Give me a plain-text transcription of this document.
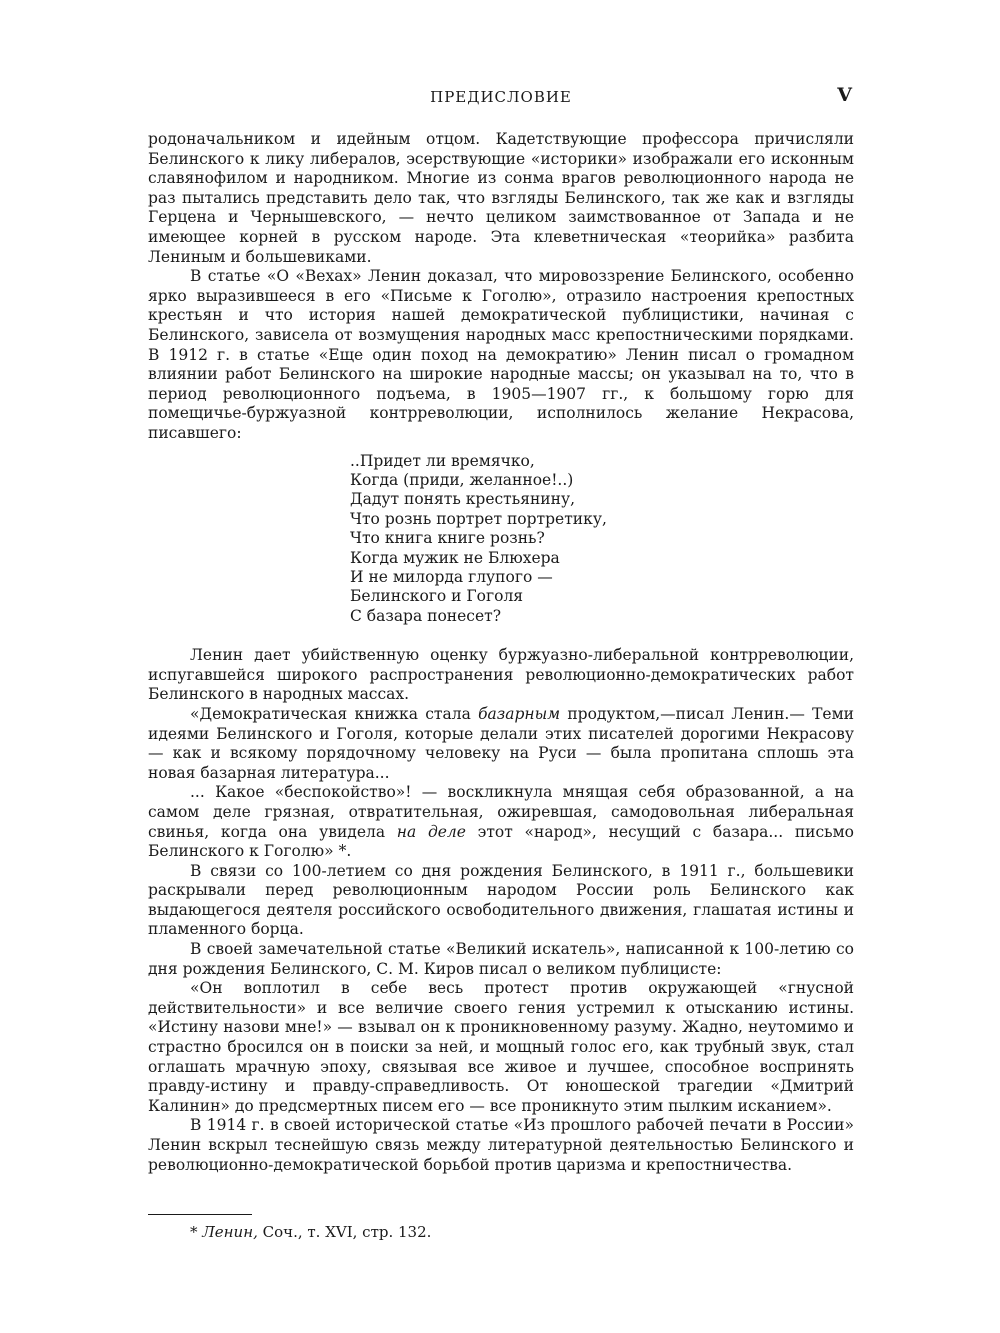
ПРЕДИСЛОВИЕ	V

родоначальником и идейным отцом. Кадетствующие профессора причисляли Белинского к лику либералов, эсерствующие «историки» изображали его исконным славянофилом и народником. Многие из сонма врагов революционного народа не раз пытались представить дело так, что взгляды Белинского, так же как и взгляды Герцена и Чернышевского, — нечто целиком заимствованное от Запада и не имеющее корней в русском народе. Эта клеветническая «теорийка» разбита Лениным и большевиками.

В статье «О «Вехах» Ленин доказал, что мировоззрение Белинского, особенно ярко выразившееся в его «Письме к Гоголю», отразило настроения крепостных крестьян и что история нашей демократической публицистики, начиная с Белинского, зависела от возмущения народных масс крепостническими порядками. В 1912 г. в статье «Еще один поход на демократию» Ленин писал о громадном влиянии работ Белинского на широкие народные массы; он указывал на то, что в период революционного подъема, в 1905—1907 гг., к большому горю для помещичье-буржуазной контрреволюции, исполнилось желание Некрасова, писавшего:

..Придет ли времячко,
Когда (приди, желанное!..)
Дадут понять крестьянину,
Что рознь портрет портретику,
Что книга книге рознь?
Когда мужик не Блюхера
И не милорда глупого —
Белинского и Гоголя
С базара понесет?

Ленин дает убийственную оценку буржуазно-либеральной контрреволюции, испугавшейся широкого распространения революционно-демократических работ Белинского в народных массах.

«Демократическая книжка стала базарным продуктом,—писал Ленин.— Теми идеями Белинского и Гоголя, которые делали этих писателей дорогими Некрасову — как и всякому порядочному человеку на Руси — была пропитана сплошь эта новая базарная литература...

... Какое «беспокойство»! — воскликнула мнящая себя образованной, а на самом деле грязная, отвратительная, ожиревшая, самодовольная либеральная свинья, когда она увидела на деле этот «народ», несущий с базара... письмо Белинского к Гоголю» *.

В связи со 100-летием со дня рождения Белинского, в 1911 г., большевики раскрывали перед революционным народом России роль Белинского как выдающегося деятеля российского освободительного движения, глашатая истины и пламенного борца.

В своей замечательной статье «Великий искатель», написанной к 100-летию со дня рождения Белинского, С. М. Киров писал о великом публицисте:

«Он воплотил в себе весь протест против окружающей «гнусной действительности» и все величие своего гения устремил к отысканию истины. «Истину назови мне!» — взывал он к проникновенному разуму. Жадно, неутомимо и страстно бросился он в поиски за ней, и мощный голос его, как трубный звук, стал оглашать мрачную эпоху, связывая все живое и лучшее, способное воспринять правду-истину и правду-справедливость. От юношеской трагедии «Дмитрий Калинин» до предсмертных писем его — все проникнуто этим пылким исканием».

В 1914 г. в своей исторической статье «Из прошлого рабочей печати в России» Ленин вскрыл теснейшую связь между литературной деятельностью Белинского и революционно-демократической борьбой против царизма и крепостничества.

* Ленин, Соч., т. XVI, стр. 132.
